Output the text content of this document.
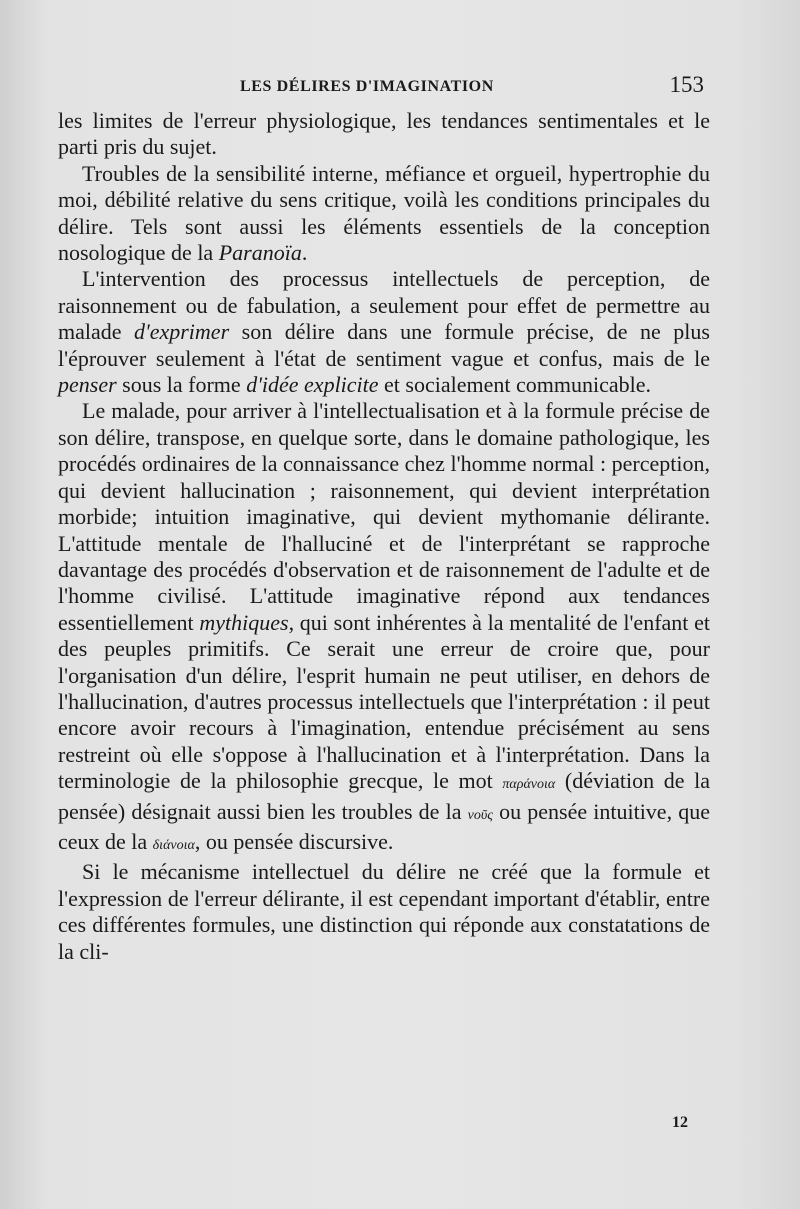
LES DÉLIRES D'IMAGINATION	153

les limites de l'erreur physiologique, les tendances sentimentales et le parti pris du sujet.

Troubles de la sensibilité interne, méfiance et orgueil, hypertrophie du moi, débilité relative du sens critique, voilà les conditions principales du délire. Tels sont aussi les éléments essentiels de la conception nosologique de la Paranoïa.

L'intervention des processus intellectuels de perception, de raisonnement ou de fabulation, a seulement pour effet de permettre au malade d'exprimer son délire dans une formule précise, de ne plus l'éprouver seulement à l'état de sentiment vague et confus, mais de le penser sous la forme d'idée explicite et socialement communicable.

Le malade, pour arriver à l'intellectualisation et à la formule précise de son délire, transpose, en quelque sorte, dans le domaine pathologique, les procédés ordinaires de la connaissance chez l'homme normal : perception, qui devient hallucination ; raisonnement, qui devient interprétation morbide; intuition imaginative, qui devient mythomanie délirante. L'attitude mentale de l'halluciné et de l'interprétant se rapproche davantage des procédés d'observation et de raisonnement de l'adulte et de l'homme civilisé. L'attitude imaginative répond aux tendances essentiellement mythiques, qui sont inhérentes à la mentalité de l'enfant et des peuples primitifs. Ce serait une erreur de croire que, pour l'organisation d'un délire, l'esprit humain ne peut utiliser, en dehors de l'hallucination, d'autres processus intellectuels que l'interprétation : il peut encore avoir recours à l'imagination, entendue précisément au sens restreint où elle s'oppose à l'hallucination et à l'interprétation. Dans la terminologie de la philosophie grecque, le mot παράνοια (déviation de la pensée) désignait aussi bien les troubles de la νοῦς ou pensée intuitive, que ceux de la διάνοια, ou pensée discursive.

Si le mécanisme intellectuel du délire ne créé que la formule et l'expression de l'erreur délirante, il est cependant important d'établir, entre ces différentes formules, une distinction qui réponde aux constatations de la cli-

12
